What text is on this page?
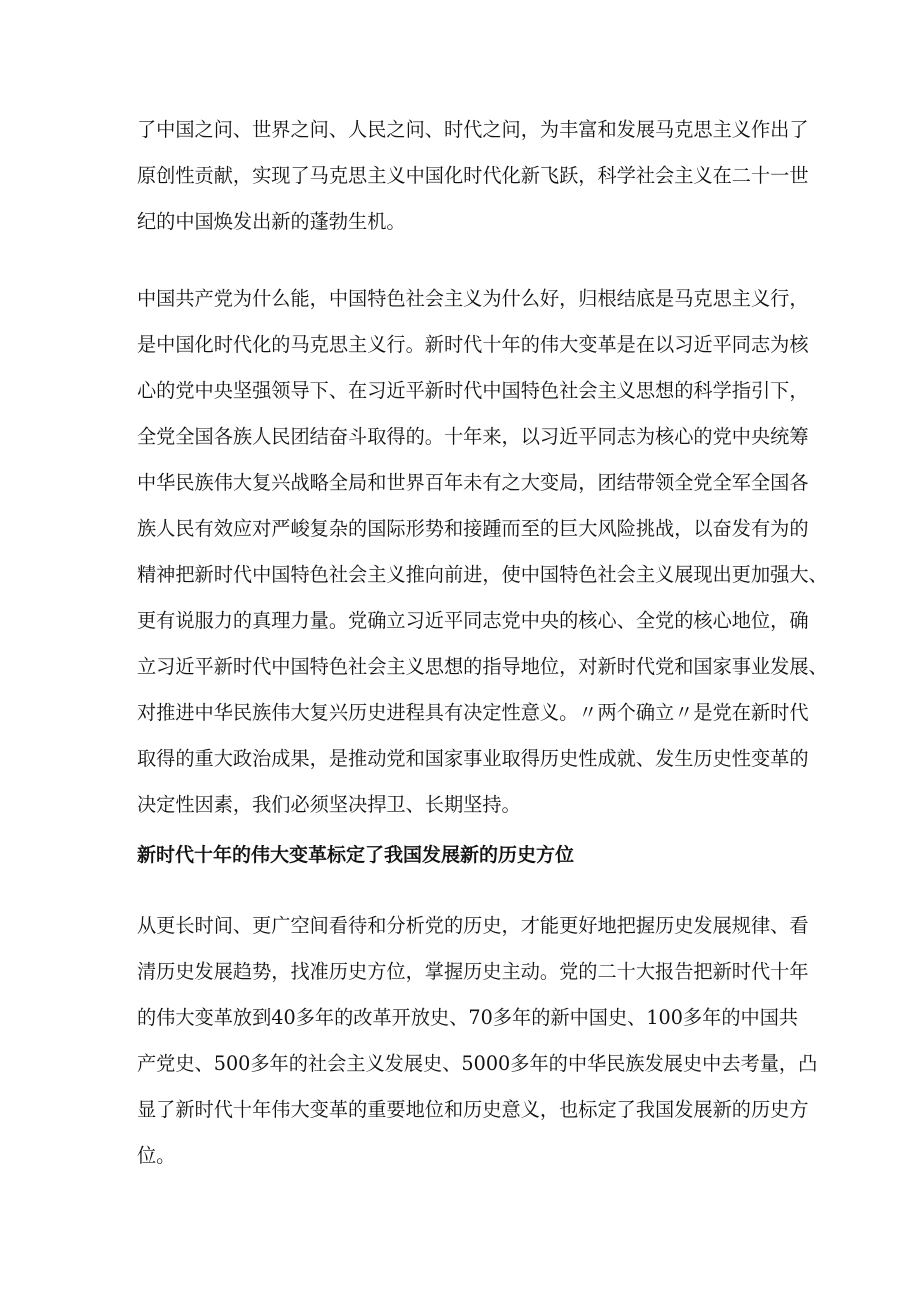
了中国之问、世界之问、人民之问、时代之问，为丰富和发展马克思主义作出了
原创性贡献，实现了马克思主义中国化时代化新飞跃，科学社会主义在二十一世
纪的中国焕发出新的蓬勃生机。
中国共产党为什么能，中国特色社会主义为什么好，归根结底是马克思主义行，
是中国化时代化的马克思主义行。新时代十年的伟大变革是在以习近平同志为核
心的党中央坚强领导下、在习近平新时代中国特色社会主义思想的科学指引下，
全党全国各族人民团结奋斗取得的。十年来，以习近平同志为核心的党中央统筹
中华民族伟大复兴战略全局和世界百年未有之大变局，团结带领全党全军全国各
族人民有效应对严峻复杂的国际形势和接踵而至的巨大风险挑战，以奋发有为的
精神把新时代中国特色社会主义推向前进，使中国特色社会主义展现出更加强大、
更有说服力的真理力量。党确立习近平同志党中央的核心、全党的核心地位，确
立习近平新时代中国特色社会主义思想的指导地位，对新时代党和国家事业发展、
对推进中华民族伟大复兴历史进程具有决定性意义。〃两个确立〃是党在新时代
取得的重大政治成果，是推动党和国家事业取得历史性成就、发生历史性变革的
决定性因素，我们必须坚决捍卫、长期坚持。
新时代十年的伟大变革标定了我国发展新的历史方位
从更长时间、更广空间看待和分析党的历史，才能更好地把握历史发展规律、看
清历史发展趋势，找准历史方位，掌握历史主动。党的二十大报告把新时代十年
的伟大变革放到40多年的改革开放史、70多年的新中国史、100多年的中国共
产党史、500多年的社会主义发展史、5000多年的中华民族发展史中去考量，凸
显了新时代十年伟大变革的重要地位和历史意义，也标定了我国发展新的历史方
位。
